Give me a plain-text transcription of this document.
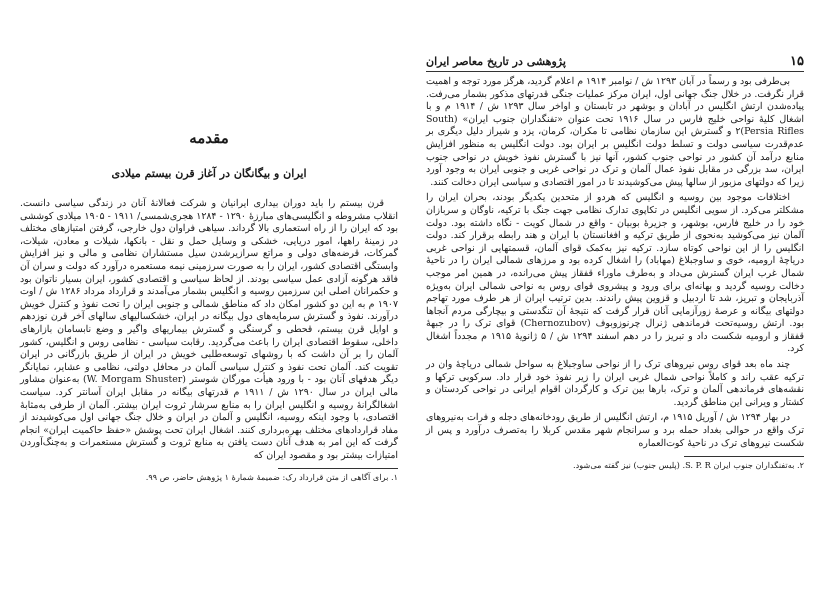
۱۵
پژوهشی در تاریخ معاصر ایران

بی‌طرفی بود و رسماً در آبان ۱۲۹۳ ش / نوامبر ۱۹۱۴ م اعلام گردید، هرگز مورد توجه و اهمیت قرار نگرفت. در خلال جنگ جهانی اول، ایران مرکز عملیات جنگی قدرتهای مذکور بشمار می‌رفت. پیاده‌شدن ارتش انگلیس در آبادان و بوشهر در تابستان و اواخر سال ۱۲۹۳ ش / ۱۹۱۴ م و با اشغال کلیهٔ نواحی خلیج فارس در سال ۱۹۱۶ تحت عنوان «تفنگداران جنوب ایران» (South Persia Rifles)۲ و گسترش این سازمان نظامی تا مکران، کرمان، یزد و شیراز دلیل دیگری بر عدم‌قدرت سیاسی دولت و تسلط دولت انگلیس بر ایران بود. دولت انگلیس به منظور افزایش منابع درآمد آن کشور در نواحی جنوب کشور، آنها نیز با گسترش نفوذ خویش در نواحی جنوب ایران، سد بزرگی در مقابل نفوذ عمال آلمان و ترک در نواحی غربی و جنوبی ایران به وجود آورد زیرا که دولتهای مزبور از سالها پیش می‌کوشیدند تا در امور اقتصادی و سیاسی ایران دخالت کنند.

اختلافات موجود بین روسیه و انگلیس که هردو از متحدین یکدیگر بودند، بحران ایران را مشکلتر می‌کرد. از سویی انگلیس در تکاپوی تدارک نظامی جهت جنگ با ترکیه، ناوگان و سربازان خود را در خلیج فارس، بوشهر، و جزیرهٔ بوبیان - واقع در شمال کویت - نگاه داشته بود. دولت آلمان نیز می‌کوشید به‌نحوی از طریق ترکیه و افغانستان با ایران و هند رابطه برقرار کند. دولت انگلیس را از این نواحی کوتاه سازد. ترکیه نیز به‌کمک قوای آلمان، قسمتهایی از نواحی غربی دریاچهٔ ارومیه، خوی و ساوجبلاغ (مهاباد) را اشغال کرده بود و مرزهای شمالی ایران را در ناحیهٔ شمال غرب ایران گسترش می‌داد و به‌طرف ماوراء قفقاز پیش می‌رانده، در همین امر موجب دخالت روسیه گردید و بهانه‌ای برای ورود و پیشروی قوای روس به نواحی شمالی ایران به‌ویژه آذربایجان و تبریز، شد تا اردبیل و قزوین پیش راندند. بدین ترتیب ایران از هر طرف مورد تهاجم دولتهای بیگانه و عرصهٔ زورآزمایی آنان قرار گرفت که نتیجهٔ آن تنگدستی و بیچارگی مردم آنجاها بود. ارتش روسیه‌تحت فرماندهی ژنرال چرنوزوبوف (Chernozubov) قوای ترک را در جبههٔ قفقاز و ارومیه شکست داد و تبریز را در دهم اسفند ۱۲۹۴ ش / ۵ ژانویهٔ ۱۹۱۵ م مجدداً اشغال کرد.

چند ماه بعد قوای روس نیروهای ترک را از نواحی ساوجبلاغ به سواحل شمالی دریاچهٔ وان در ترکیه عقب راند و کاملاً نواحی شمال غربی ایران را زیر نفوذ خود قرار داد. سرکوبی ترکها و نقشه‌های فرماندهی آلمان و ترک، بارها بین ترک و کارگردان اقوام ایرانی در نواحی کردستان و کشتار و ویرانی این مناطق گردید.

در بهار ۱۲۹۴ ش / آوریل ۱۹۱۵ م، ارتش انگلیس از طریق رودخانه‌های دجله و فرات به‌نیروهای ترک واقع در حوالی بغداد حمله برد و سرانجام شهر مقدس کربلا را به‌تصرف درآورد و پس از شکست نیروهای ترک در ناحیهٔ کوت‌العماره

۲. به‌تفنگداران جنوب ایران S. P. R. (پلیس جنوب) نیز گفته می‌شود.

مقدمه
ایران و بیگانگان در آغاز قرن بیستم میلادی

قرن بیستم را باید دوران بیداری ایرانیان و شرکت فعالانهٔ آنان در زندگی سیاسی دانست. انقلاب مشروطه و انگلیسی‌های مبارزهٔ ۱۲۹۰ - ۱۲۸۴ هجری‌شمسی/ ۱۹۱۱ - ۱۹۰۵ میلادی کوششی بود که ایران را از راه استعماری بالا گرداند. سیاهی فراوان دول خارجی، گرفتن امتیازهای مختلف در زمینهٔ راهها، امور دریایی، خشکی و وسایل حمل و نقل - بانکها، شیلات و معادن، شیلات، گمرکات، قرضه‌های دولی و مراتع سرازیرشدن سیل مستشاران نظامی و مالی و نیز افزایش وابستگی اقتصادی کشور، ایران را به صورت سرزمینی نیمه مستعمره درآورد که دولت و سران آن فاقد هرگونه آزادی عمل سیاسی بودند. از لحاظ سیاسی و اقتصادی کشور، ایران بسیار ناتوان بود و حکمرانان اصلی این سرزمین روسیه و انگلیس بشمار می‌آمدند و قرارداد مرداد ۱۲۸۶ ش / اوت ۱۹۰۷ م به این دو کشور امکان داد که مناطق شمالی و جنوبی ایران را تحت نفوذ و کنترل خویش درآورند. نفوذ و گسترش سرمایه‌های دول بیگانه در ایران، خشکسالیهای سالهای آخر قرن نوزدهم و اوایل قرن بیستم، قحطی و گرسنگی و گسترش بیماریهای واگیر و وضع نابسامان بازارهای داخلی، سقوط اقتصادی ایران را باعث می‌گردید. رقابت سیاسی - نظامی روس و انگلیس، کشور آلمان را بر آن داشت که با روشهای توسعه‌طلبی خویش در ایران از طریق بازرگانی در ایران تقویت کند. آلمان تحت نفوذ و کنترل سیاسی آلمان در محافل دولتی، نظامی و عشایر، نمایانگر دیگر هدفهای آنان بود - با ورود هیأت مورگان شوستر (W. Morgam Shuster) به‌عنوان مشاور مالی ایران در سال ۱۲۹۰ ش / ۱۹۱۱ م قدرتهای بیگانه در مقابل ایران آسانتر کرد. سیاست اشغالگرانهٔ روسیه و انگلیس ایران را به منابع سرشار ثروت ایران بیشتر. آلمان از طرفی به‌مثابهٔ اقتصادی، با وجود اینکه روسیه، انگلیس و آلمان در ایران و خلال جنگ جهانی اول می‌کوشیدند از مفاد قراردادهای مختلف بهره‌برداری کنند. اشغال ایران تحت پوشش «حفظ حاکمیت ایران» انجام گرفت که این امر به هدف آنان دست یافتن به منابع ثروت و گسترش مستعمرات و به‌چنگ‌آوردن امتیازات بیشتر بود و مقصود ایران که

۱. برای آگاهی از متن قرارداد رک: ضمیمهٔ شمارهٔ ۱ پژوهش حاضر، ص ۹۹.
